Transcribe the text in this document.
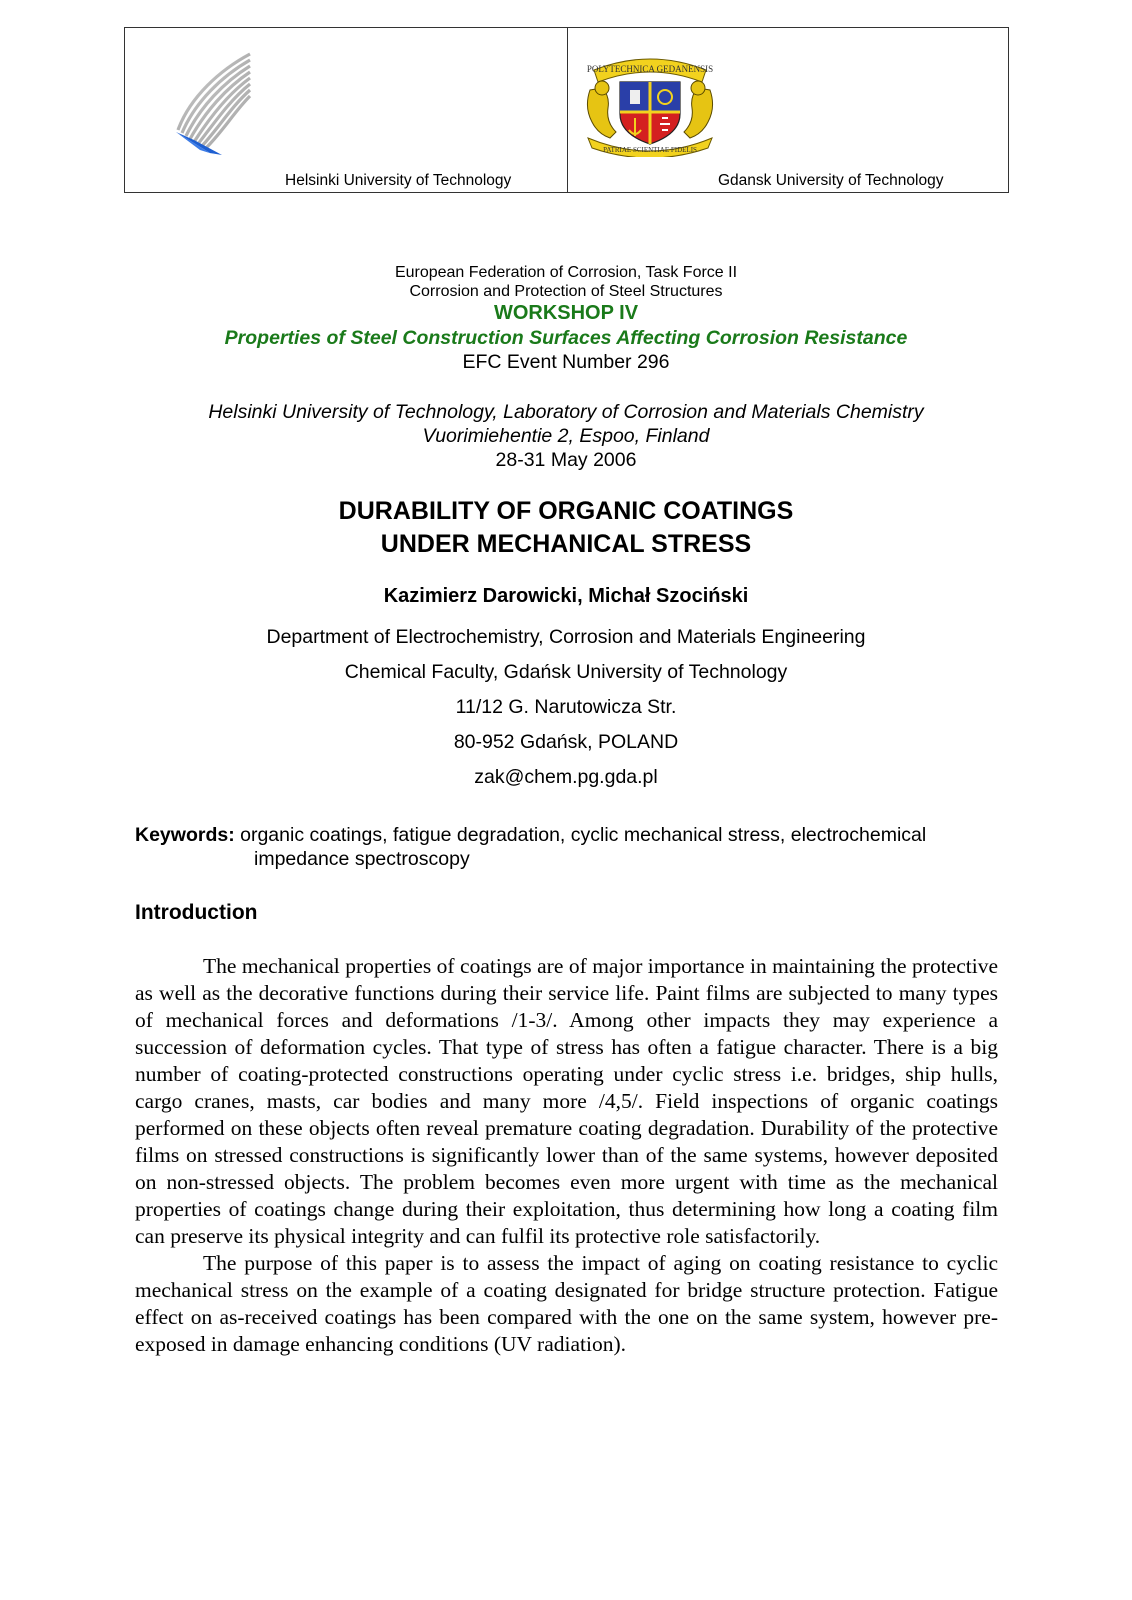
Helsinki University of Technology
POLYTECHNICA GEDANENSIS
PATRIAE SCIENTIAE FIDELIS
Gdansk University of Technology
European Federation of Corrosion, Task Force II
Corrosion and Protection of Steel Structures
WORKSHOP IV
Properties of Steel Construction Surfaces Affecting Corrosion Resistance
EFC Event Number 296
Helsinki University of Technology, Laboratory of Corrosion and Materials Chemistry
Vuorimiehentie 2, Espoo, Finland
28-31 May 2006
DURABILITY OF ORGANIC COATINGS
UNDER MECHANICAL STRESS
Kazimierz Darowicki, Michał Szociński
Department of Electrochemistry, Corrosion and Materials Engineering
Chemical Faculty, Gdańsk University of Technology
11/12 G. Narutowicza Str.
80-952 Gdańsk, POLAND
zak@chem.pg.gda.pl
Keywords: organic coatings, fatigue degradation, cyclic mechanical stress, electrochemical
impedance spectroscopy
Introduction

The mechanical properties of coatings are of major importance in maintaining the protective as well as the decorative functions during their service life. Paint films are subjected to many types of mechanical forces and deformations /1-3/. Among other impacts they may experience a succession of deformation cycles. That type of stress has often a fatigue character. There is a big number of coating-protected constructions operating under cyclic stress i.e. bridges, ship hulls, cargo cranes, masts, car bodies and many more /4,5/. Field inspections of organic coatings performed on these objects often reveal premature coating degradation. Durability of the protective films on stressed constructions is significantly lower than of the same systems, however deposited on non-stressed objects. The problem becomes even more urgent with time as the mechanical properties of coatings change during their exploitation, thus determining how long a coating film can preserve its physical integrity and can fulfil its protective role satisfactorily.

The purpose of this paper is to assess the impact of aging on coating resistance to cyclic mechanical stress on the example of a coating designated for bridge structure protection. Fatigue effect on as-received coatings has been compared with the one on the same system, however pre-exposed in damage enhancing conditions (UV radiation).
